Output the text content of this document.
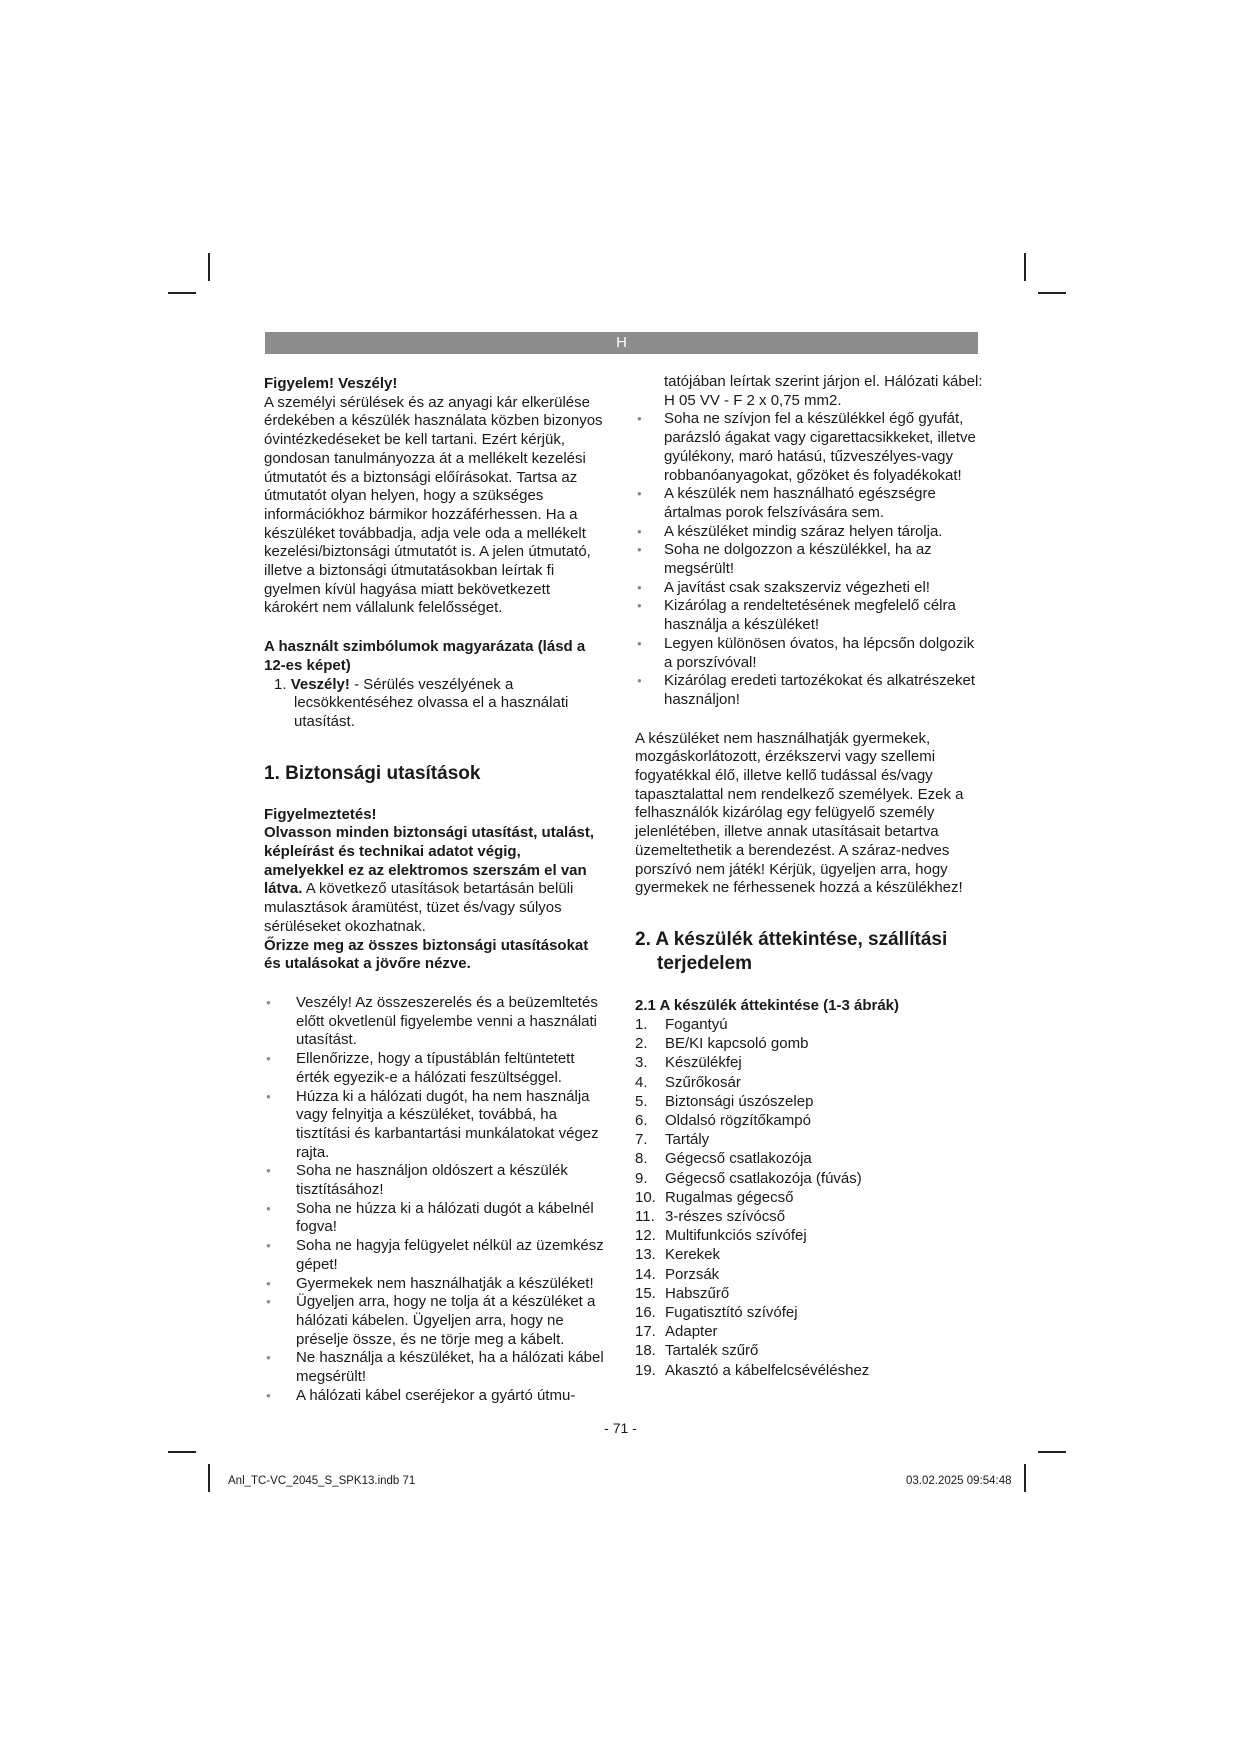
H

Figyelem! Veszély!

A személyi sérülések és az anyagi kár elkerülése érdekében a készülék használata közben bizonyos óvintézkedéseket be kell tartani. Ezért kérjük, gondosan tanulmányozza át a mellékelt kezelési útmutatót és a biztonsági előírásokat. Tartsa az útmutatót olyan helyen, hogy a szükséges információkhoz bármikor hozzáférhessen. Ha a készüléket továbbadja, adja vele oda a mellékelt kezelési/biztonsági útmutatót is. A jelen útmutató, illetve a biztonsági útmutatásokban leírtak fi gyelmen kívül hagyása miatt bekövetkezett károkért nem vállalunk felelősséget.

A használt szimbólumok magyarázata (lásd a 12-es képet)

1. Veszély! - Sérülés veszélyének a lecsökkentéséhez olvassa el a használati utasítást.

1. Biztonsági utasítások

Figyelmeztetés!

Olvasson minden biztonsági utasítást, utalást, képleírást és technikai adatot végig, amelyekkel ez az elektromos szerszám el van látva. A következő utasítások betartásán belüli mulasztások áramütést, tüzet és/vagy súlyos sérüléseket okozhatnak.

Őrizze meg az összes biztonsági utasításokat és utalásokat a jövőre nézve.

● Veszély! Az összeszerelés és a beüzemltetés előtt okvetlenül figyelembe venni a használati utasítást.
● Ellenőrizze, hogy a típustáblán feltüntetett érték egyezik-e a hálózati feszültséggel.
● Húzza ki a hálózati dugót, ha nem használja vagy felnyitja a készüléket, továbbá, ha tisztítási és karbantartási munkálatokat végez rajta.
● Soha ne használjon oldószert a készülék tisztításához!
● Soha ne húzza ki a hálózati dugót a kábelnél fogva!
● Soha ne hagyja felügyelet nélkül az üzemkész gépet!
● Gyermekek nem használhatják a készüléket!
● Ügyeljen arra, hogy ne tolja át a készüléket a hálózati kábelen. Ügyeljen arra, hogy ne préselje össze, és ne törje meg a kábelt.
● Ne használja a készüléket, ha a hálózati kábel megsérült!
● A hálózati kábel cseréjekor a gyártó útmu-

tatójában leírtak szerint járjon el. Hálózati kábel: H 05 VV - F 2 x 0,75 mm2.

● Soha ne szívjon fel a készülékkel égő gyufát, parázsló ágakat vagy cigarettacsikkeket, illetve gyúlékony, maró hatású, tűzveszélyes-vagy robbanóanyagokat, gőzöket és folyadékokat!
● A készülék nem használható egészségre ártalmas porok felszívására sem.
● A készüléket mindig száraz helyen tárolja.
● Soha ne dolgozzon a készülékkel, ha az megsérült!
● A javítást csak szakszerviz végezheti el!
● Kizárólag a rendeltetésének megfelelő célra használja a készüléket!
● Legyen különösen óvatos, ha lépcsőn dolgozik a porszívóval!
● Kizárólag eredeti tartozékokat és alkatrészeket használjon!

A készüléket nem használhatják gyermekek, mozgáskorlátozott, érzékszervi vagy szellemi fogyatékkal élő, illetve kellő tudással és/vagy tapasztalattal nem rendelkező személyek. Ezek a felhasználók kizárólag egy felügyelő személy jelenlétében, illetve annak utasításait betartva üzemeltethetik a berendezést. A száraz-nedves porszívó nem játék! Kérjük, ügyeljen arra, hogy gyermekek ne férhessenek hozzá a készülékhez!

2. A készülék áttekintése, szállítási terjedelem
2.1 A készülék áttekintése (1-3 ábrák)
1.	Fogantyú
2.	BE/KI kapcsoló gomb
3.	Készülékfej
4.	Szűrőkosár
5.	Biztonsági úszószelep
6.	Oldalsó rögzítőkampó
7.	Tartály
8.	Gégecső csatlakozója
9.	Gégecső csatlakozója (fúvás)
10. Rugalmas gégecső
11. 3-részes szívócső
12. Multifunkciós szívófej
13. Kerekek
14. Porzsák
15. Habszűrő
16. Fugatisztító szívófej
17. Adapter
18. Tartalék szűrő
19. Akasztó a kábelfelcsévéléshez
- 71 -
Anl_TC-VC_2045_S_SPK13.indb 71	03.02.2025 09:54:48
